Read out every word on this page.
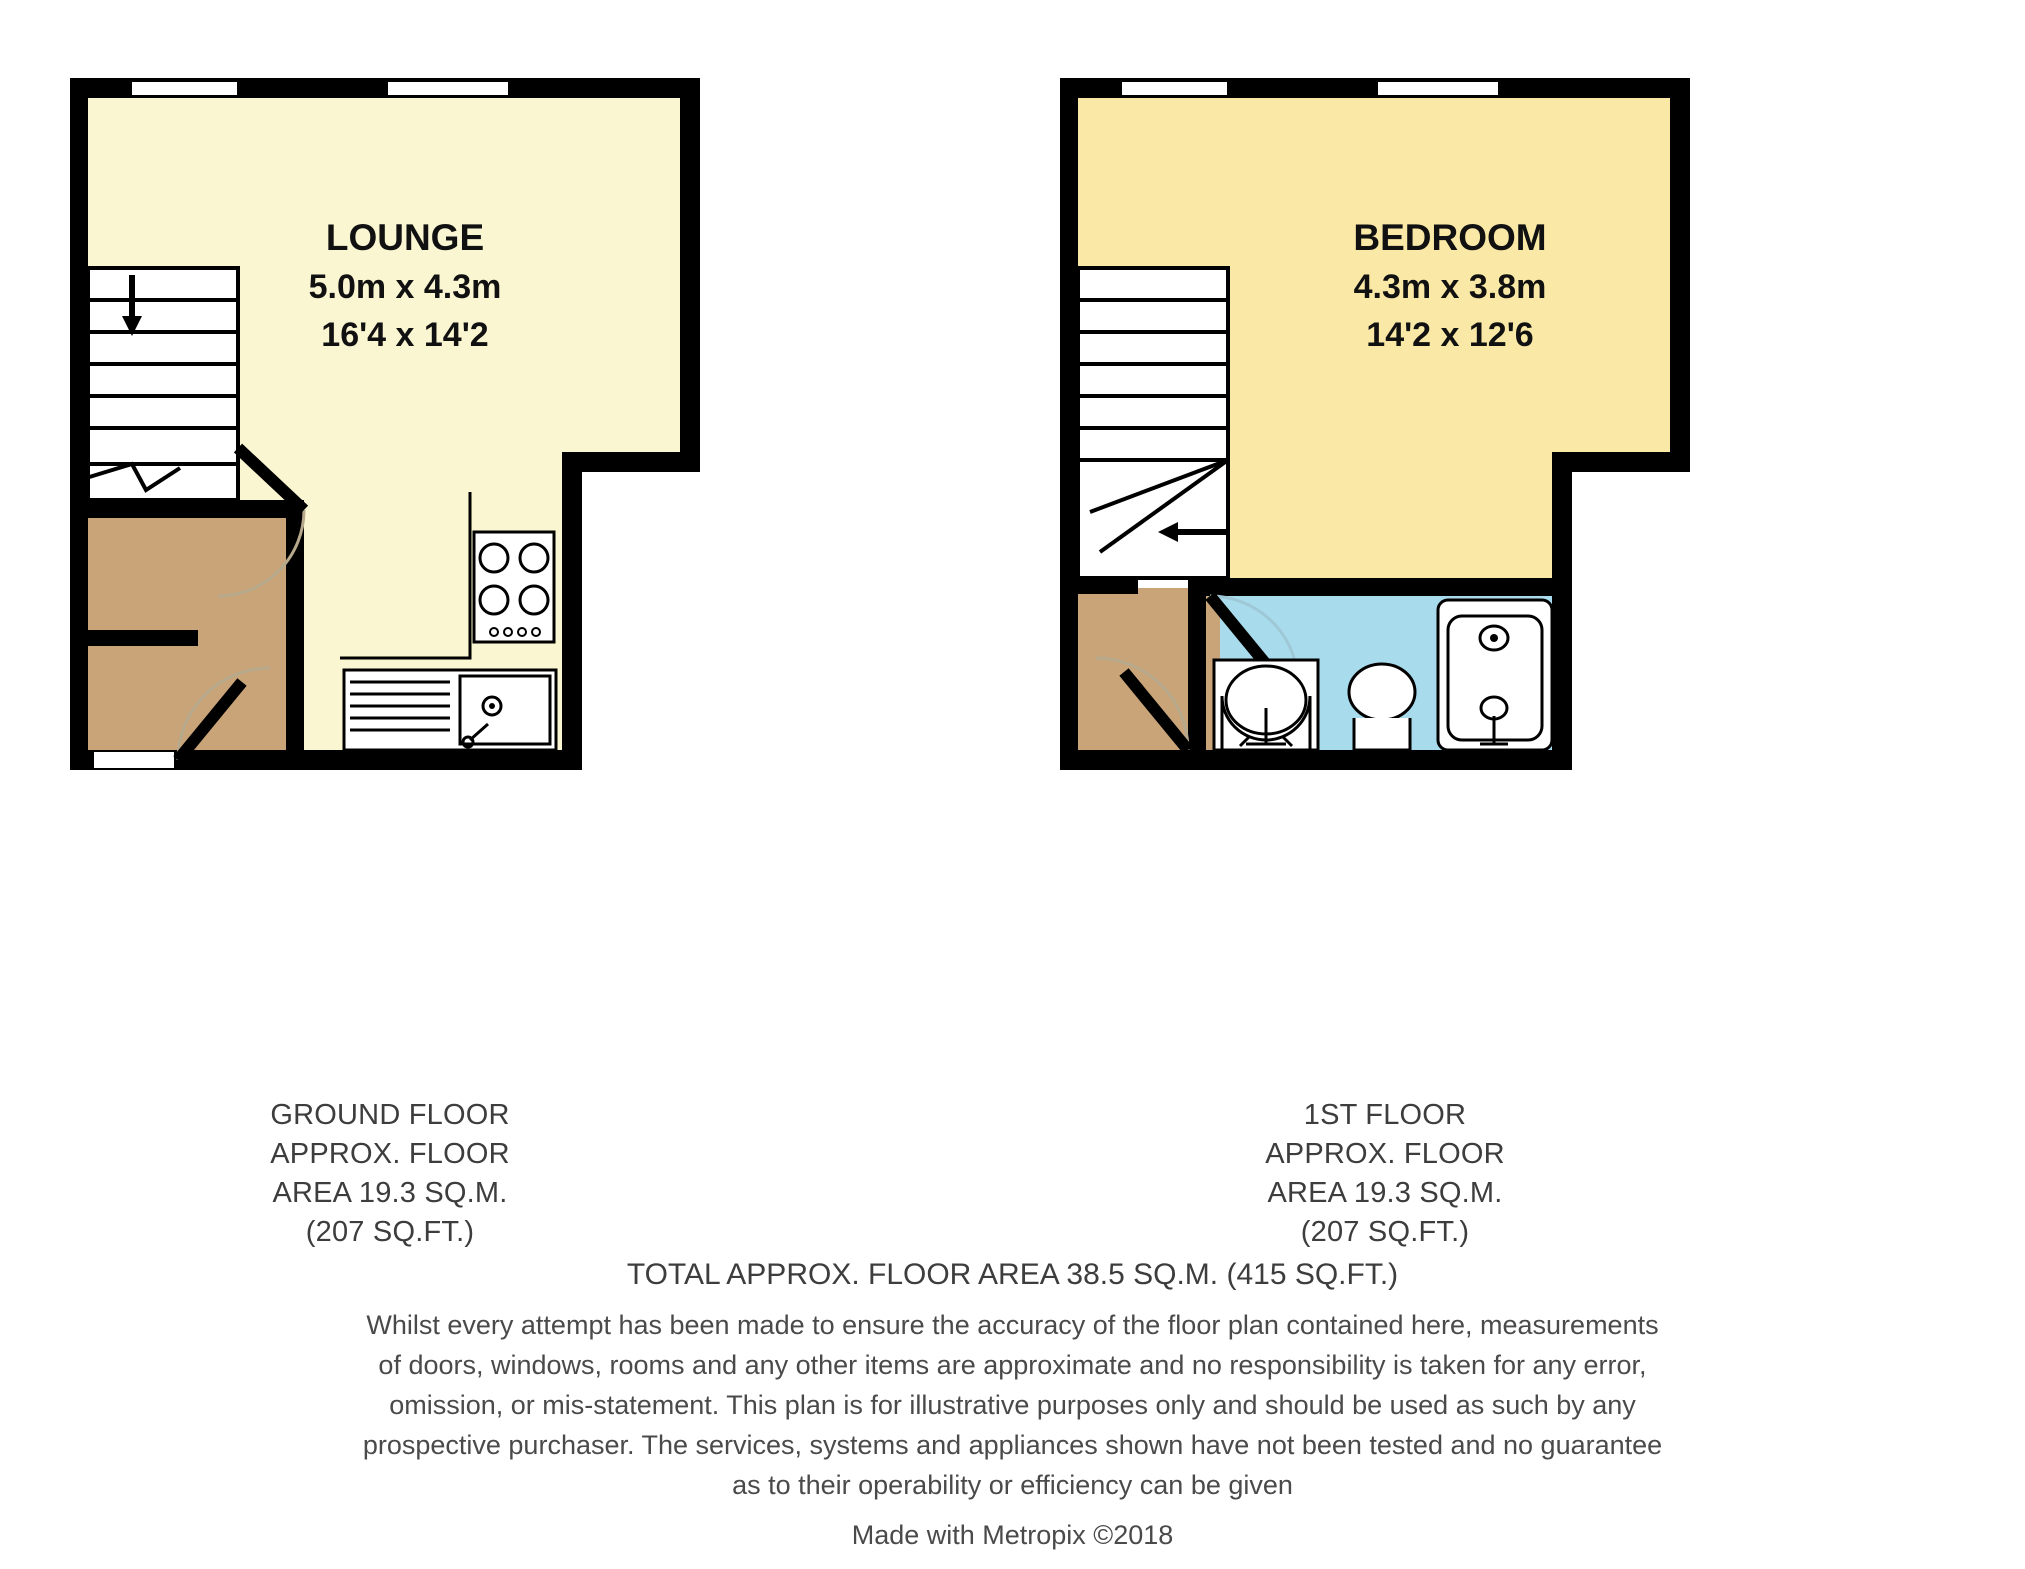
LOUNGE
5.0m x 4.3m
16'4 x 14'2
BEDROOM
4.3m x 3.8m
14'2 x 12'6
GROUND FLOOR
APPROX. FLOOR
AREA 19.3 SQ.M.
(207 SQ.FT.)
1ST FLOOR
APPROX. FLOOR
AREA 19.3 SQ.M.
(207 SQ.FT.)
TOTAL APPROX. FLOOR AREA 38.5 SQ.M. (415 SQ.FT.)
Whilst every attempt has been made to ensure the accuracy of the floor plan contained here, measurements
of doors, windows, rooms and any other items are approximate and no responsibility is taken for any error,
omission, or mis-statement. This plan is for illustrative purposes only and should be used as such by any
prospective purchaser. The services, systems and appliances shown have not been tested and no guarantee
as to their operability or efficiency can be given
Made with Metropix ©2018
